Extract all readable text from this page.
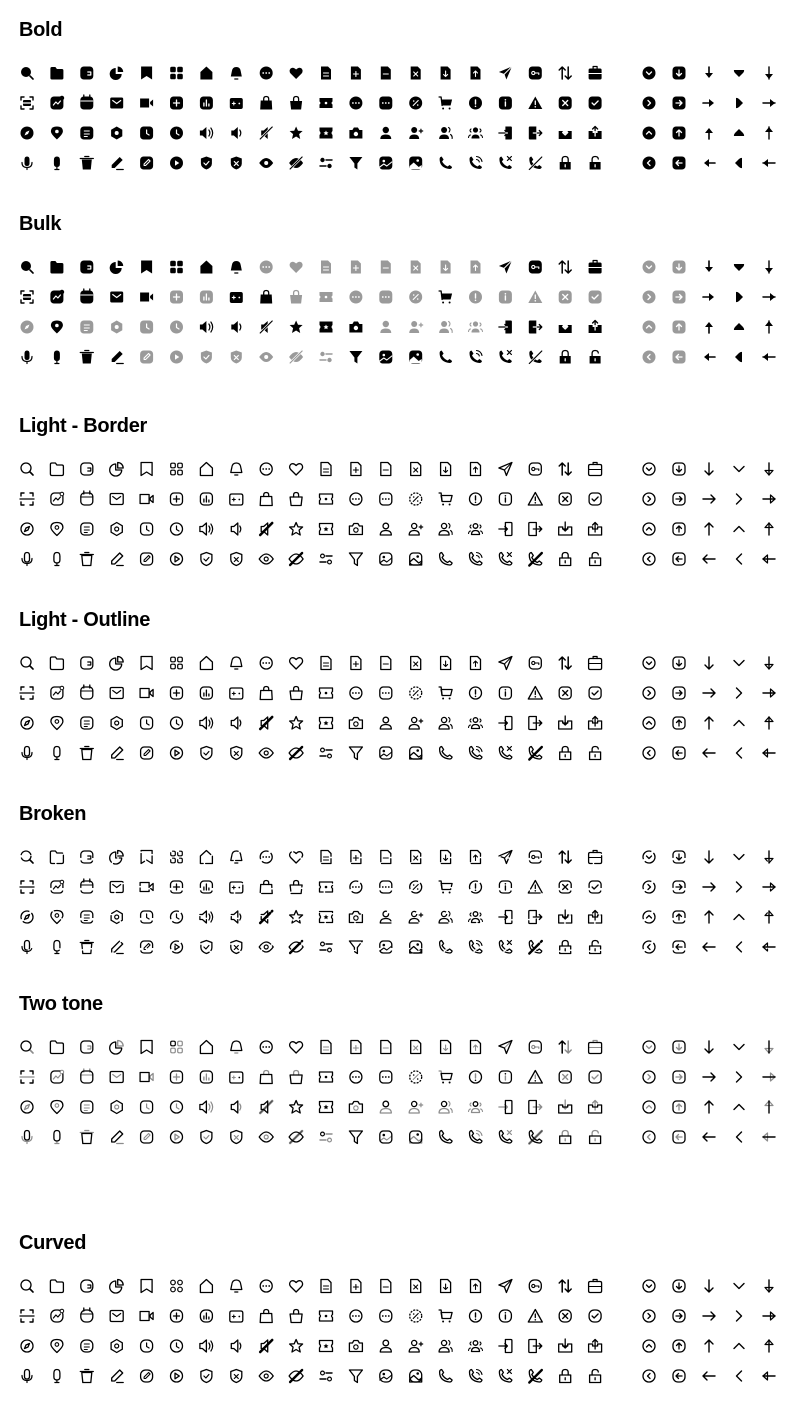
Bold
Bulk
Light - Border
Light - Outline
Broken
Two tone
Curved
